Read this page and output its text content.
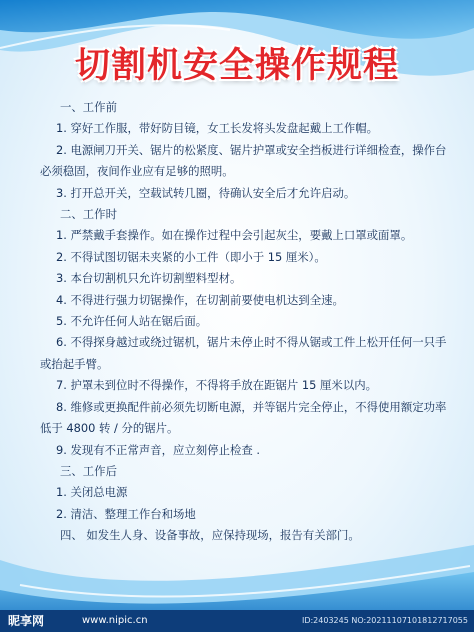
切割机安全操作规程
一、工作前
1. 穿好工作服，带好防目镜，女工长发将头发盘起戴上工作帽。
2. 电源闸刀开关、锯片的松紧度、锯片护罩或安全挡板进行详细检查，操作台必须稳固，夜间作业应有足够的照明。
3. 打开总开关，空载试转几圈，待确认安全后才允许启动。
二、工作时
1. 严禁戴手套操作。如在操作过程中会引起灰尘，要戴上口罩或面罩。
2. 不得试图切锯未夹紧的小工件（即小于 15 厘米）。
3. 本台切割机只允许切割塑料型材。
4. 不得进行强力切锯操作，在切割前要使电机达到全速。
5. 不允许任何人站在锯后面。
6. 不得探身越过或绕过锯机，锯片未停止时不得从锯或工件上松开任何一只手或抬起手臂。
7. 护罩未到位时不得操作，不得将手放在距锯片 15 厘米以内。
8. 维修或更换配件前必须先切断电源，并等锯片完全停止，不得使用额定功率低于 4800 转 / 分的锯片。
9. 发现有不正常声音，应立刻停止检查 .
三、工作后
1. 关闭总电源
2. 清洁、整理工作台和场地
四、 如发生人身、设备事故，应保持现场，报告有关部门。
昵享网	www.nipic.cn	ID:2403245 NO:20211107101812717055
